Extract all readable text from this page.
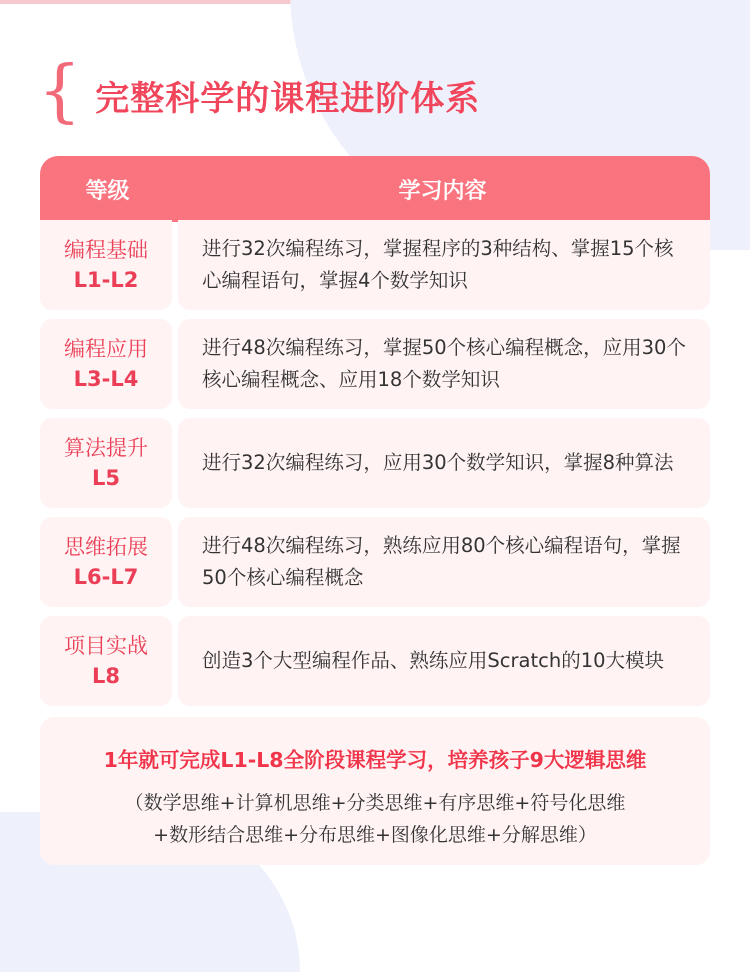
{ 完整科学的课程进阶体系
等级	学习内容
编程基础
L1-L2
进行32次编程练习，掌握程序的3种结构、掌握15个核心编程语句，掌握4个数学知识
编程应用
L3-L4
进行48次编程练习，掌握50个核心编程概念，应用30个核心编程概念、应用18个数学知识
算法提升
L5
进行32次编程练习，应用30个数学知识，掌握8种算法
思维拓展
L6-L7
进行48次编程练习，熟练应用80个核心编程语句，掌握50个核心编程概念
项目实战
L8
创造3个大型编程作品、熟练应用Scratch的10大模块
1年就可完成L1-L8全阶段课程学习，培养孩子9大逻辑思维
（数学思维+计算机思维+分类思维+有序思维+符号化思维
+数形结合思维+分布思维+图像化思维+分解思维）
